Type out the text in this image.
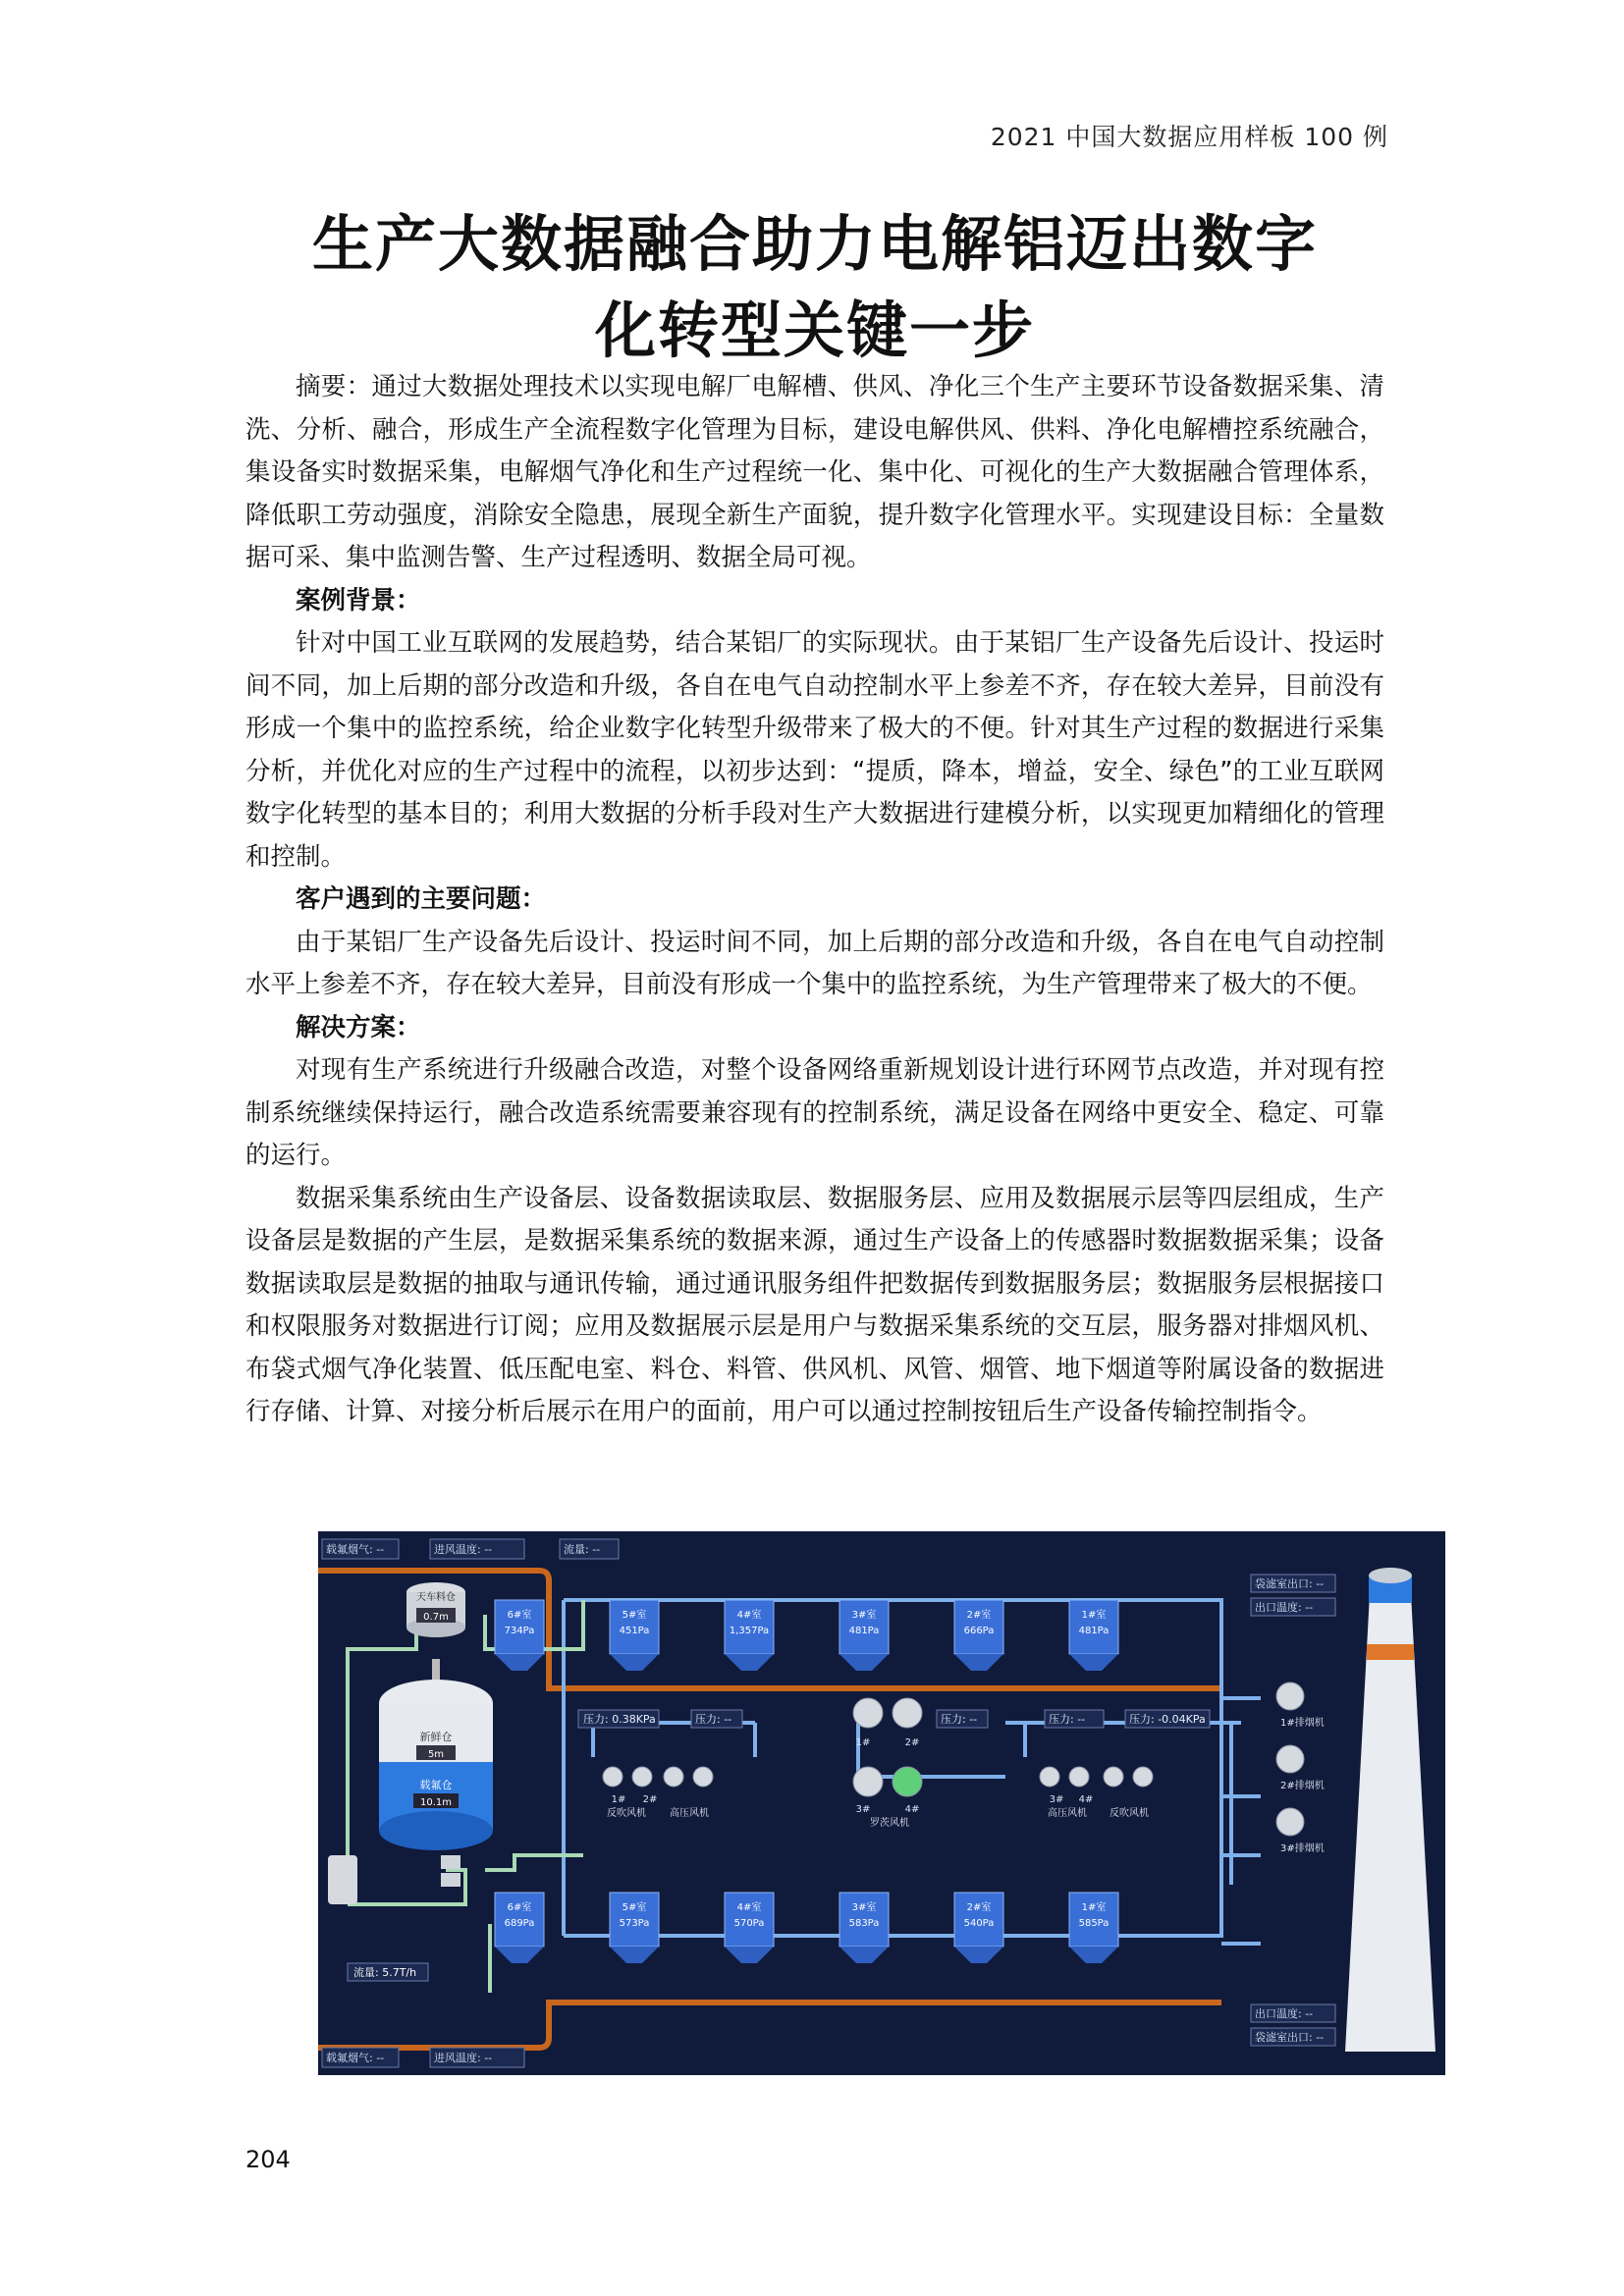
2021 中国大数据应用样板 100 例
生产大数据融合助力电解铝迈出数字
化转型关键一步

摘要：通过大数据处理技术以实现电解厂电解槽、供风、净化三个生产主要环节设备数据采集、清洗、分析、融合，形成生产全流程数字化管理为目标，建设电解供风、供料、净化电解槽控系统融合，集设备实时数据采集，电解烟气净化和生产过程统一化、集中化、可视化的生产大数据融合管理体系，降低职工劳动强度，消除安全隐患，展现全新生产面貌，提升数字化管理水平。实现建设目标：全量数据可采、集中监测告警、生产过程透明、数据全局可视。

案例背景：

针对中国工业互联网的发展趋势，结合某铝厂的实际现状。由于某铝厂生产设备先后设计、投运时间不同，加上后期的部分改造和升级，各自在电气自动控制水平上参差不齐，存在较大差异，目前没有形成一个集中的监控系统，给企业数字化转型升级带来了极大的不便。针对其生产过程的数据进行采集分析，并优化对应的生产过程中的流程，以初步达到：“提质，降本，增益，安全、绿色”的工业互联网数字化转型的基本目的；利用大数据的分析手段对生产大数据进行建模分析，以实现更加精细化的管理和控制。

客户遇到的主要问题：

由于某铝厂生产设备先后设计、投运时间不同，加上后期的部分改造和升级，各自在电气自动控制水平上参差不齐，存在较大差异，目前没有形成一个集中的监控系统，为生产管理带来了极大的不便。

解决方案：

对现有生产系统进行升级融合改造，对整个设备网络重新规划设计进行环网节点改造，并对现有控制系统继续保持运行，融合改造系统需要兼容现有的控制系统，满足设备在网络中更安全、稳定、可靠的运行。

数据采集系统由生产设备层、设备数据读取层、数据服务层、应用及数据展示层等四层组成，生产设备层是数据的产生层，是数据采集系统的数据来源，通过生产设备上的传感器时数据数据采集；设备数据读取层是数据的抽取与通讯传输，通过通讯服务组件把数据传到数据服务层；数据服务层根据接口和权限服务对数据进行订阅；应用及数据展示层是用户与数据采集系统的交互层，服务器对排烟风机、布袋式烟气净化装置、低压配电室、料仓、料管、供风机、风管、烟管、地下烟道等附属设备的数据进行存储、计算、对接分析后展示在用户的面前，用户可以通过控制按钮后生产设备传输控制指令。

载氟烟气: --	进风温度: --	流量: --
载氟烟气: --	进风温度: --
袋滤室出口: --
出口温度: --
出口温度: --
袋滤室出口: --
天车料仓
0.7m
新鲜仓
5m
载氟仓
10.1m
流量: 5.7T/h
6#室
734Pa
5#室
451Pa
4#室
1,357Pa
3#室
481Pa
2#室
666Pa
1#室
481Pa
6#室
689Pa
5#室
573Pa
4#室
570Pa
3#室
583Pa
2#室
540Pa
1#室
585Pa
压力: 0.38KPa	压力: --	压力: --	压力: --	压力: -0.04KPa
1# 2#
反吹风机 高压风机
1#	2#
3#	4#
罗茨风机
3# 4#
高压风机 反吹风机
1#排烟机
2#排烟机
3#排烟机
204
